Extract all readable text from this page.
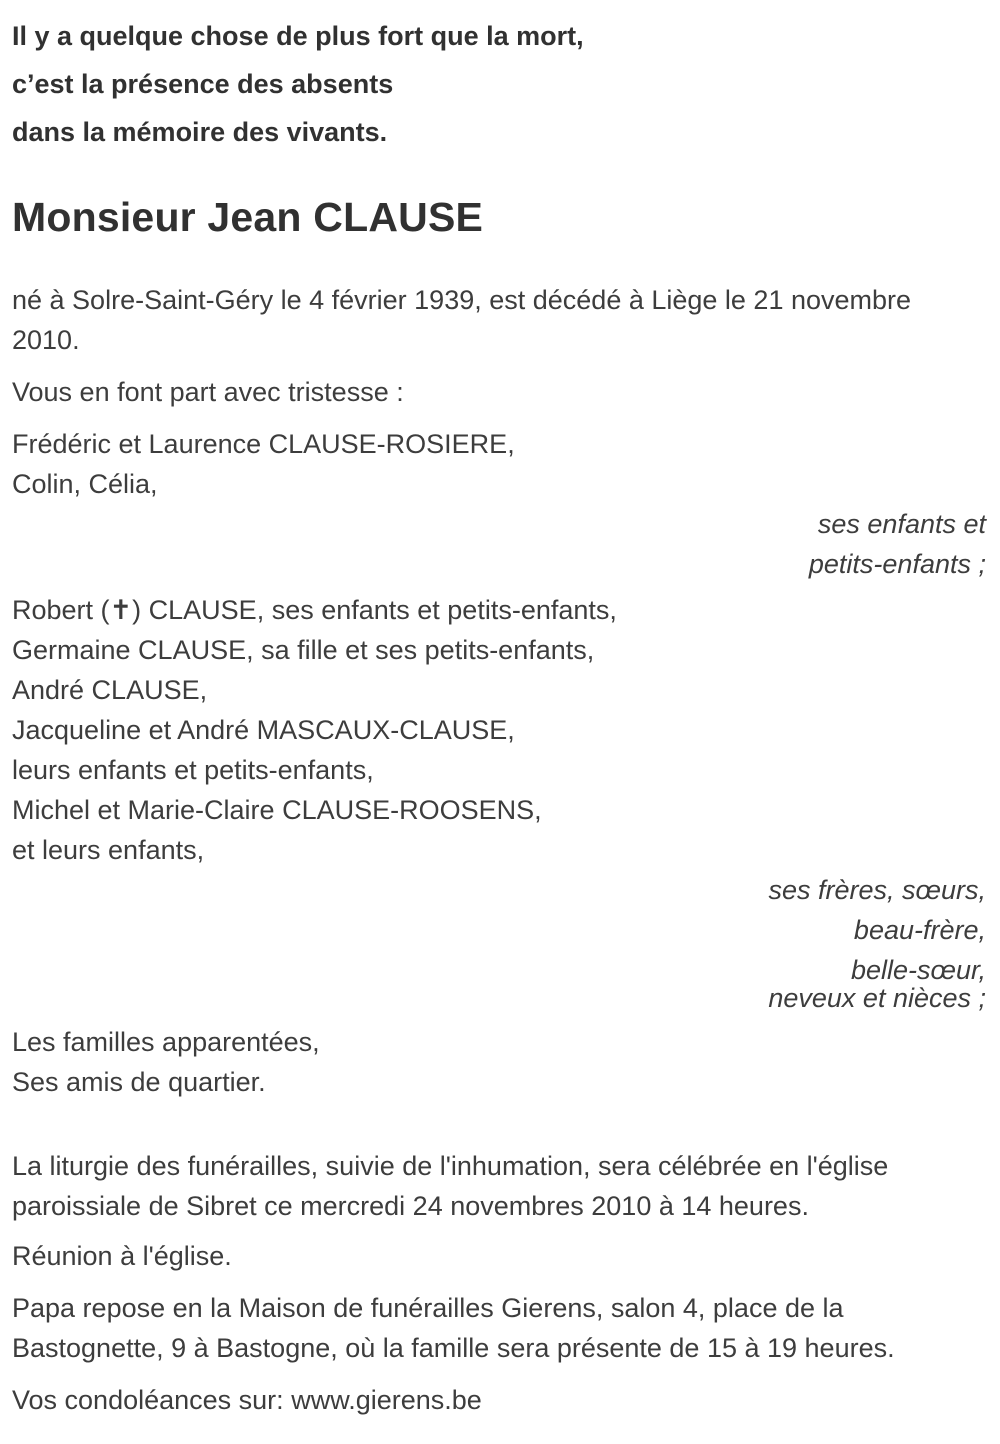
Il y a quelque chose de plus fort que la mort,

c’est la présence des absents

dans la mémoire des vivants.

Monsieur Jean CLAUSE

né à Solre-Saint-Géry le 4 février 1939, est décédé à Liège le 21 novembre 2010.

Vous en font part avec tristesse :

Frédéric et Laurence CLAUSE-ROSIERE,

Colin, Célia,

ses enfants et

petits-enfants ;

Robert (✝) CLAUSE, ses enfants et petits-enfants,

Germaine CLAUSE, sa fille et ses petits-enfants,

André CLAUSE,

Jacqueline et André MASCAUX-CLAUSE,

leurs enfants et petits-enfants,

Michel et Marie-Claire CLAUSE-ROOSENS,

et leurs enfants,

ses frères, sœurs,

beau-frère,

belle-sœur,

neveux et nièces ;

Les familles apparentées,

Ses amis de quartier.

La liturgie des funérailles, suivie de l'inhumation, sera célébrée en l'église paroissiale de Sibret ce mercredi 24 novembres 2010 à 14 heures.

Réunion à l'église.

Papa repose en la Maison de funérailles Gierens, salon 4, place de la Bastognette, 9 à Bastogne, où la famille sera présente de 15 à 19 heures.

Vos condoléances sur: www.gierens.be
